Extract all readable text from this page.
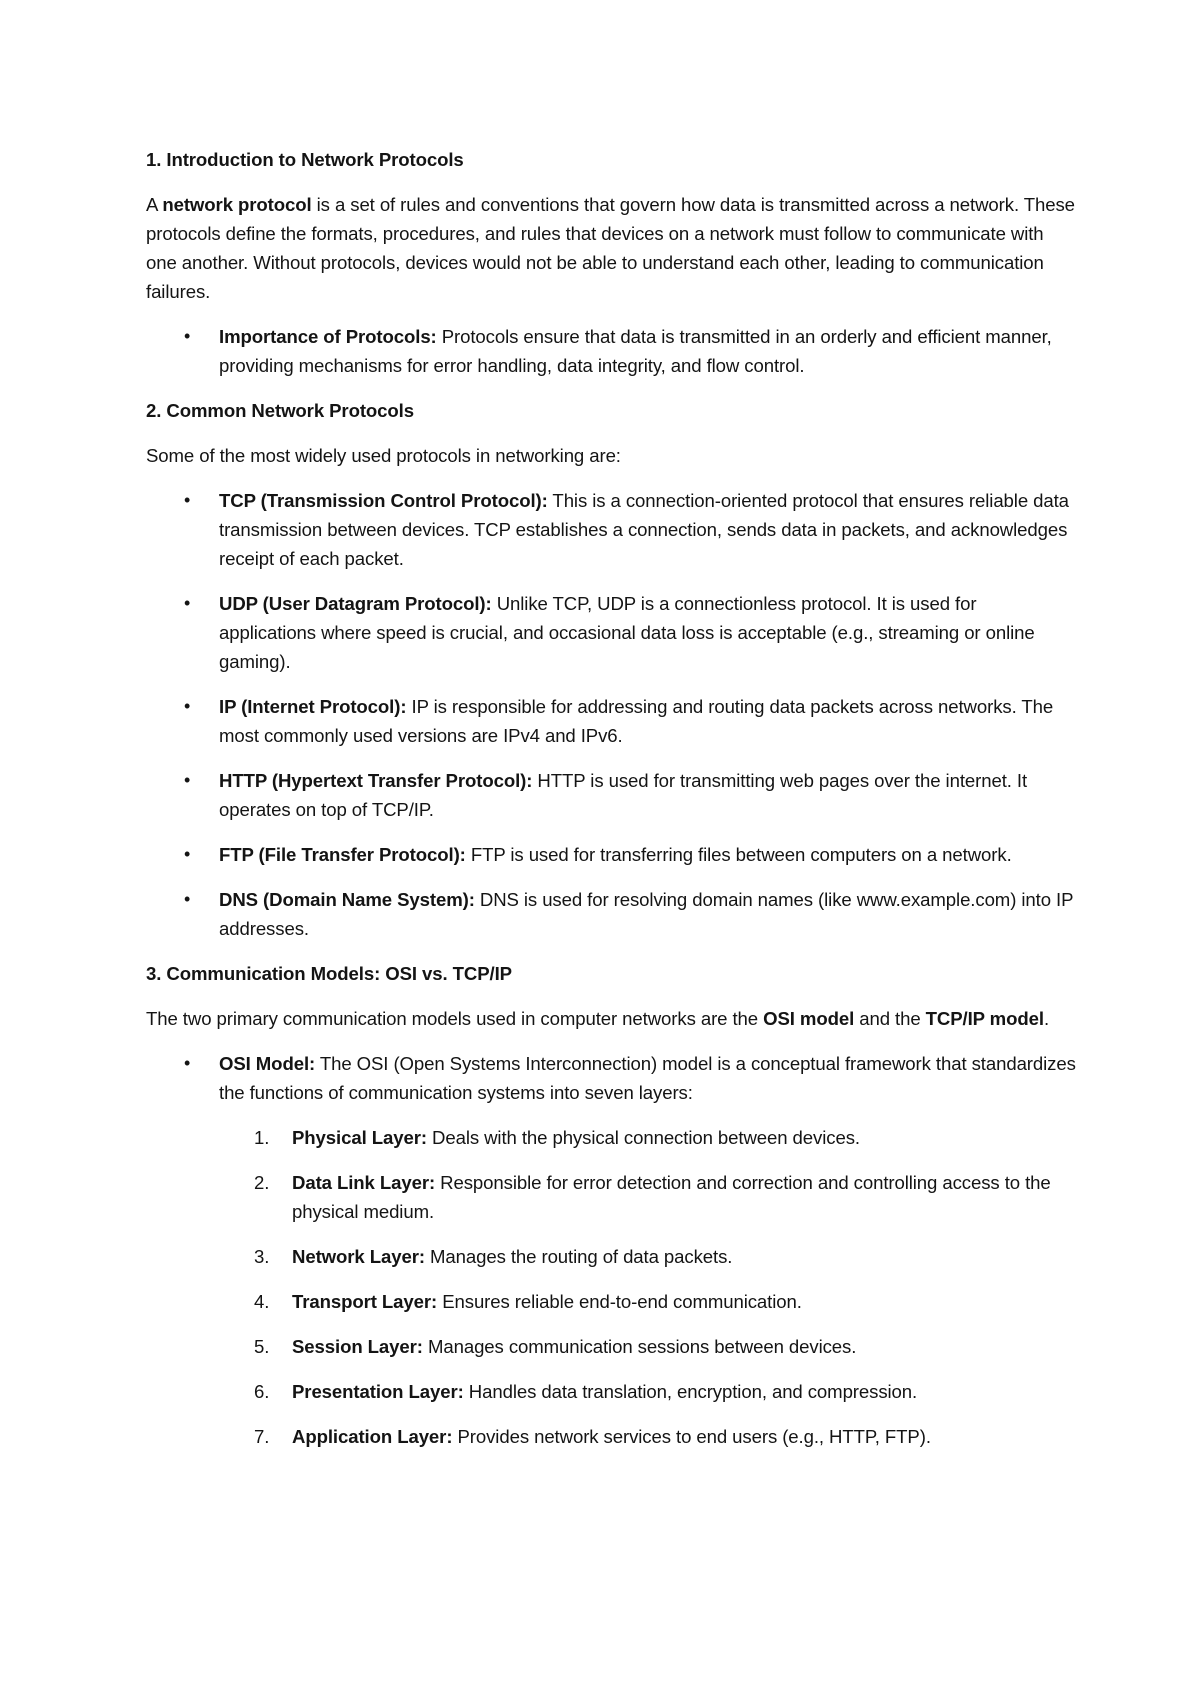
1. Introduction to Network Protocols
A network protocol is a set of rules and conventions that govern how data is transmitted across a network. These protocols define the formats, procedures, and rules that devices on a network must follow to communicate with one another. Without protocols, devices would not be able to understand each other, leading to communication failures.
• Importance of Protocols: Protocols ensure that data is transmitted in an orderly and efficient manner, providing mechanisms for error handling, data integrity, and flow control.
2. Common Network Protocols
Some of the most widely used protocols in networking are:
• TCP (Transmission Control Protocol): This is a connection-oriented protocol that ensures reliable data transmission between devices. TCP establishes a connection, sends data in packets, and acknowledges receipt of each packet.
• UDP (User Datagram Protocol): Unlike TCP, UDP is a connectionless protocol. It is used for applications where speed is crucial, and occasional data loss is acceptable (e.g., streaming or online gaming).
• IP (Internet Protocol): IP is responsible for addressing and routing data packets across networks. The most commonly used versions are IPv4 and IPv6.
• HTTP (Hypertext Transfer Protocol): HTTP is used for transmitting web pages over the internet. It operates on top of TCP/IP.
• FTP (File Transfer Protocol): FTP is used for transferring files between computers on a network.
• DNS (Domain Name System): DNS is used for resolving domain names (like www.example.com) into IP addresses.
3. Communication Models: OSI vs. TCP/IP
The two primary communication models used in computer networks are the OSI model and the TCP/IP model.
• OSI Model: The OSI (Open Systems Interconnection) model is a conceptual framework that standardizes the functions of communication systems into seven layers:
1. Physical Layer: Deals with the physical connection between devices.
2. Data Link Layer: Responsible for error detection and correction and controlling access to the physical medium.
3. Network Layer: Manages the routing of data packets.
4. Transport Layer: Ensures reliable end-to-end communication.
5. Session Layer: Manages communication sessions between devices.
6. Presentation Layer: Handles data translation, encryption, and compression.
7. Application Layer: Provides network services to end users (e.g., HTTP, FTP).
